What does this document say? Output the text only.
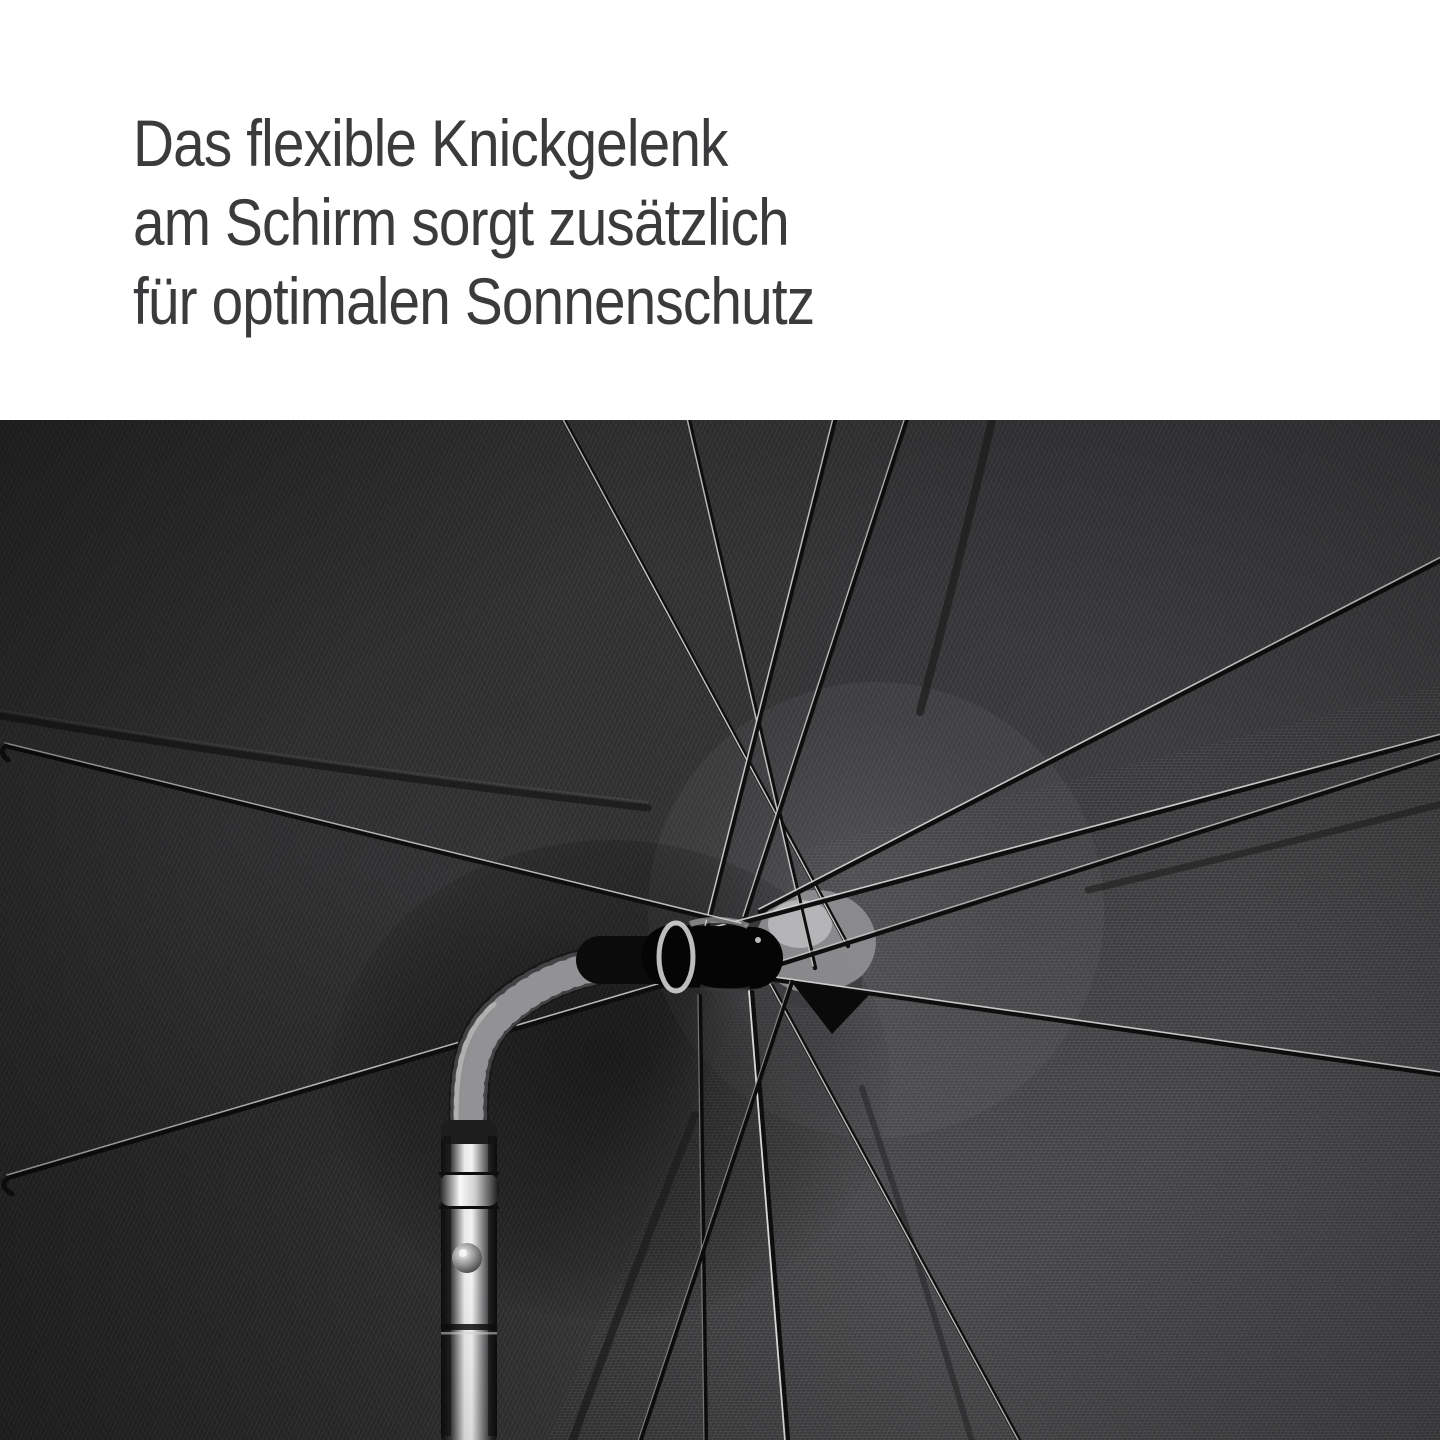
Das flexible Knickgelenk
am Schirm sorgt zusätzlich
für optimalen Sonnenschutz
